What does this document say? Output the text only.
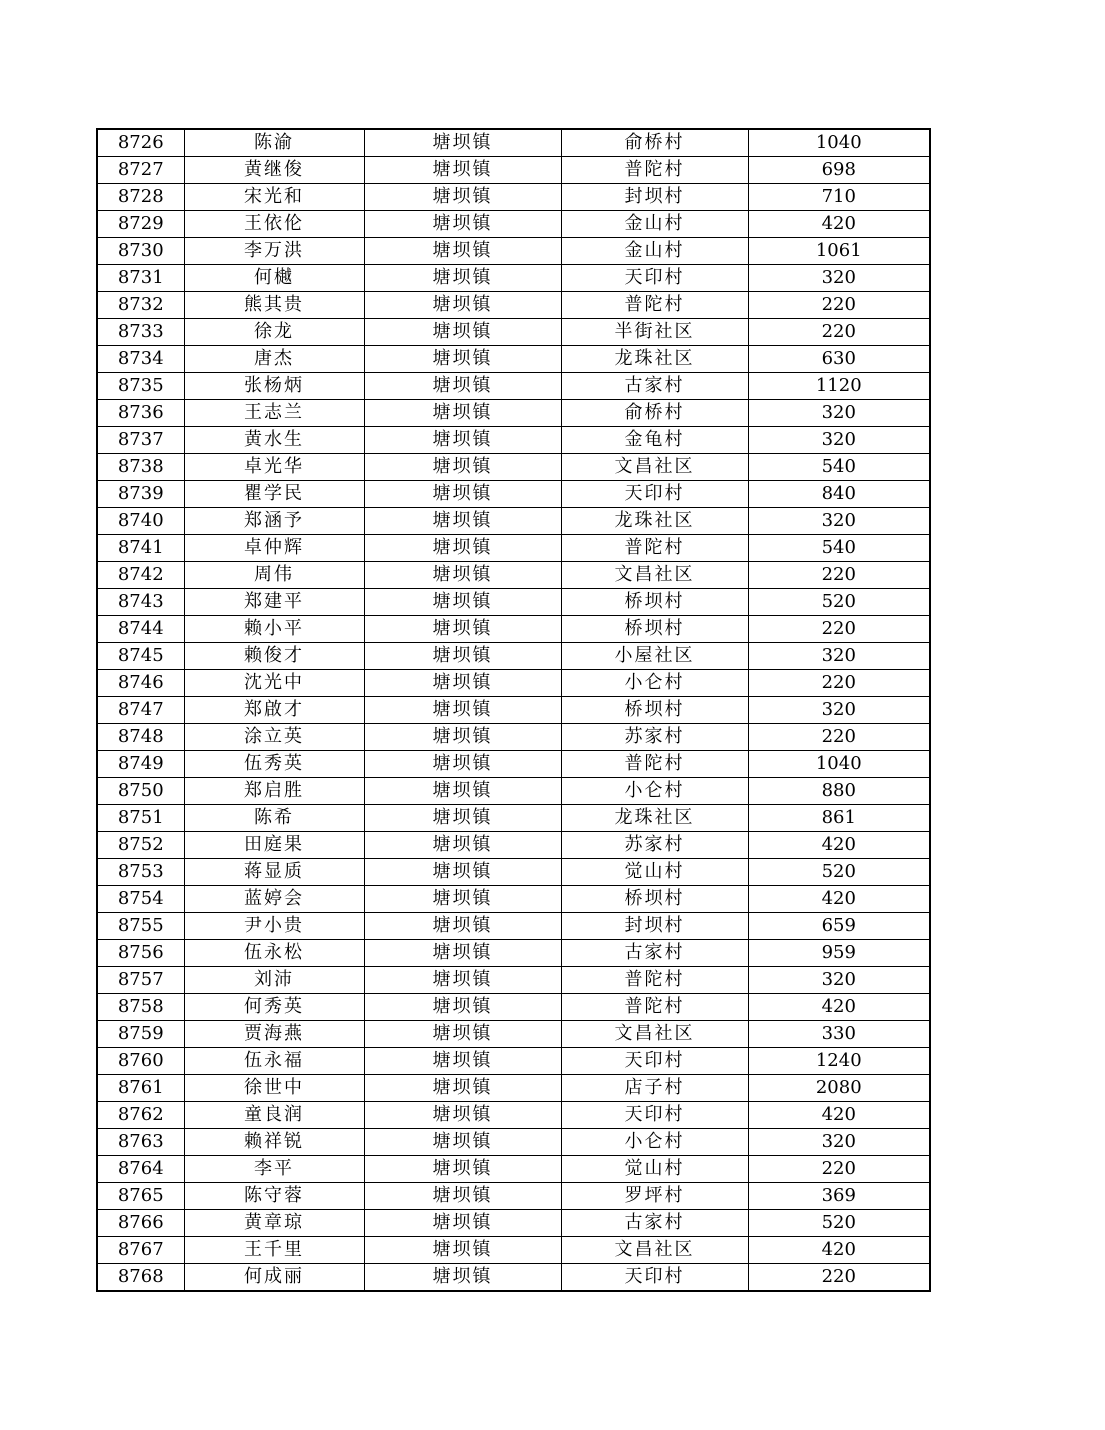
8726	陈渝	塘坝镇	俞桥村	1040
8727	黄继俊	塘坝镇	普陀村	698
8728	宋光和	塘坝镇	封坝村	710
8729	王依伦	塘坝镇	金山村	420
8730	李万洪	塘坝镇	金山村	1061
8731	何樾	塘坝镇	天印村	320
8732	熊其贵	塘坝镇	普陀村	220
8733	徐龙	塘坝镇	半街社区	220
8734	唐杰	塘坝镇	龙珠社区	630
8735	张杨炳	塘坝镇	古家村	1120
8736	王志兰	塘坝镇	俞桥村	320
8737	黄水生	塘坝镇	金龟村	320
8738	卓光华	塘坝镇	文昌社区	540
8739	瞿学民	塘坝镇	天印村	840
8740	郑涵予	塘坝镇	龙珠社区	320
8741	卓仲辉	塘坝镇	普陀村	540
8742	周伟	塘坝镇	文昌社区	220
8743	郑建平	塘坝镇	桥坝村	520
8744	赖小平	塘坝镇	桥坝村	220
8745	赖俊才	塘坝镇	小屋社区	320
8746	沈光中	塘坝镇	小仑村	220
8747	郑啟才	塘坝镇	桥坝村	320
8748	涂立英	塘坝镇	苏家村	220
8749	伍秀英	塘坝镇	普陀村	1040
8750	郑启胜	塘坝镇	小仑村	880
8751	陈希	塘坝镇	龙珠社区	861
8752	田庭果	塘坝镇	苏家村	420
8753	蒋显质	塘坝镇	觉山村	520
8754	蓝婷会	塘坝镇	桥坝村	420
8755	尹小贵	塘坝镇	封坝村	659
8756	伍永松	塘坝镇	古家村	959
8757	刘沛	塘坝镇	普陀村	320
8758	何秀英	塘坝镇	普陀村	420
8759	贾海燕	塘坝镇	文昌社区	330
8760	伍永福	塘坝镇	天印村	1240
8761	徐世中	塘坝镇	店子村	2080
8762	童良润	塘坝镇	天印村	420
8763	赖祥锐	塘坝镇	小仑村	320
8764	李平	塘坝镇	觉山村	220
8765	陈守蓉	塘坝镇	罗坪村	369
8766	黄章琼	塘坝镇	古家村	520
8767	王千里	塘坝镇	文昌社区	420
8768	何成丽	塘坝镇	天印村	220
